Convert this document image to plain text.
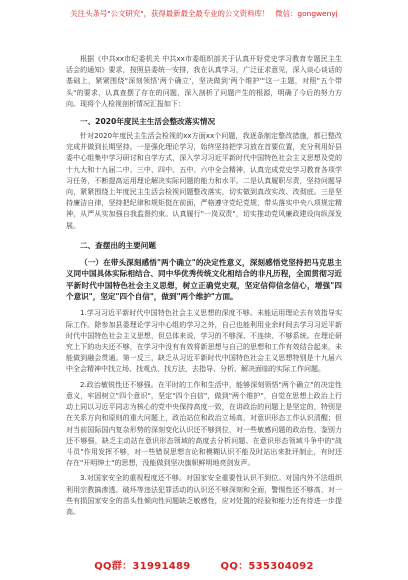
关注头条号"公文研究"，获得最新最全最专业的公文资料库！ 微信：gongwenyj

根据《中共xx市纪委机关 中共xx市委组织部关于认真开好党史学习教育专题民主生活会的通知》要求，按照县委统一安排，我在认真学习，广泛征求意见，深入谈心谈话的基础上，紧紧围绕"深刻领悟'两个确立'，坚决做到'两个维护'"这一主题，对照"五个带头"的要求，认真查摆了存在的问题，深入剖析了问题产生的根源，明确了今后的努力方向。现将个人检视剖析情况汇报如下：

一、2020年度民主生活会整改落实情况

针对2020年度民主生活会检视的xx方面xx个问题，我逐条制定整改措施，都已整改完成并做到长期坚持。一是强化理论学习，始终坚持把学习放在首要位置，充分利用好县委中心组集中学习研讨和自学方式，深入学习习近平新时代中国特色社会主义思想及党的十九大和十九届二中、三中、四中、五中、六中全会精神，认真完成党史学习教育各项学习任务，不断提高运用理论解决实际问题的能力和水平。二是认真履职尽责，坚持问题导向，紧紧围绕上年度民主生活会检视问题整改落实，切实做到真改实改、改彻底。三是坚持廉洁自律，坚持把纪律和规矩挺在前面，严格遵守党纪党规，带头落实中央八项规定精神，从严从实加强自我监督约束。认真履行"一岗双责"，切实推动党风廉政建设向纵深发展。

二、查摆出的主要问题

（一）在带头深刻感悟"两个确立"的决定性意义，深刻感悟党坚持把马克思主义同中国具体实际相结合、同中华优秀传统文化相结合的非凡历程，全面贯彻习近平新时代中国特色社会主义思想，树立正确党史观，坚定信仰信念信心，增强"四个意识"，坚定"四个自信"，做到"两个维护"方面。

1.学习习近平新时代中国特色社会主义思想的深度不够。未能运用理论去有效指导实际工作。除参加县委理论学习中心组的学习之外，自己也能利用业余时间去学习习近平新时代中国特色社会主义思想，但总体来说，学习的不够深、不连续、不够系统。在理论研究上下的功夫还不够，在学习中没有有效将新思想与自己的思想和工作有效结合起来，未能做到融会贯通。第一反三，缺乏从习近平新时代中国特色社会主义思想特别是十九届六中全会精神中找立场、找观点、找方法，去指导、分析、解决面临的实际工作问题。

2.政治敏锐性还不够强。在平时的工作和生活中，能够深刻领悟"两个确立"的决定性意义，牢固树立"四个意识"，坚定"四个自信"，做到"两个维护"，自觉在思想上政治上行动上同以习近平同志为核心的党中央保持高度一致，在讲政治的问题上是坚定的，特别是在关系方向和原则的重大问题上，政治站位和政治立场高，对意识形态工作认识清醒；但对当前国际国内复杂形势的深刻变化认识还不够到位，对一些敏感问题的政治性、鉴别力还不够强，缺乏主动站在意识形态领域的高度去分析问题、在意识形态领域斗争中的"战斗员"作用发挥不够，对一些错误思想言论和模糊认识不能及时站出来批评制止，有时还存在"开明绅士"的思想，没能做到坚决旗帜鲜明地亮剑发声。

3.对国家安全的重视程度还不够。对国家安全重要性认识不到位。对国内外不法组织利用宗教搞渗透、破坏等违法犯罪活动的认识还不够深刻和全面，警惕性还不够高，对一些有损国家安全的苗头性倾向性问题缺乏敏感性，应对处置的经验和能力还有待进一步提高。

QQ群：31991489	QQ：535304092
